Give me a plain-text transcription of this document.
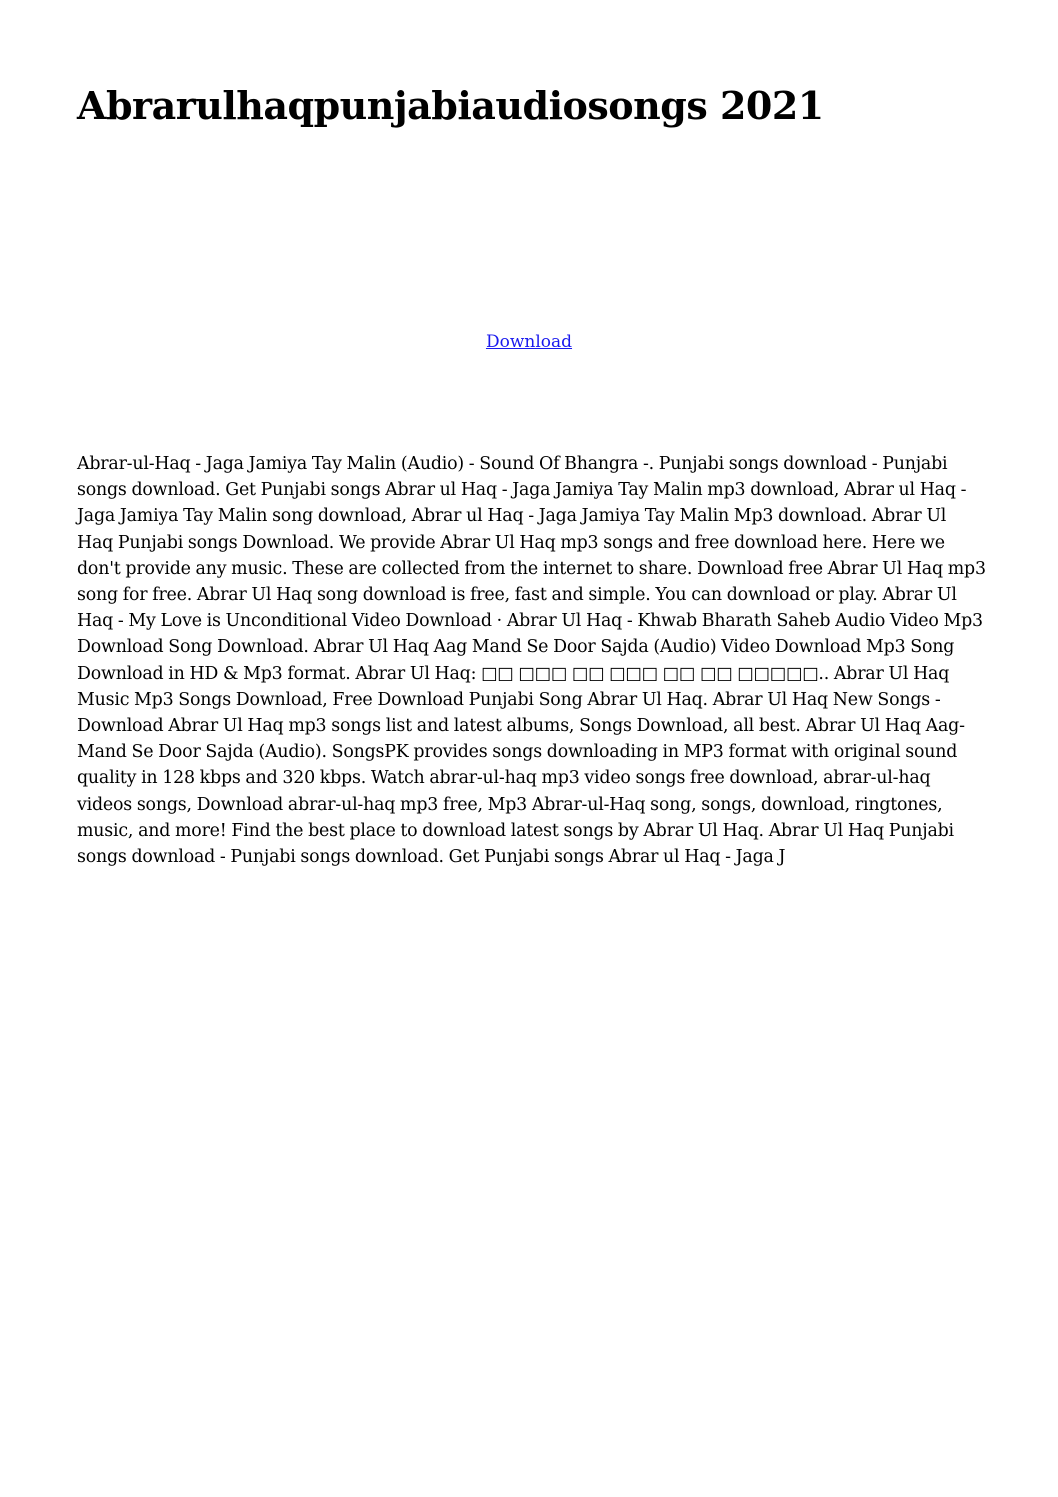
Abrarulhaqpunjabiaudiosongs 2021
Download

Abrar-ul-Haq - Jaga Jamiya Tay Malin (Audio) - Sound Of Bhangra -. Punjabi songs download - Punjabi songs download. Get Punjabi songs Abrar ul Haq - Jaga Jamiya Tay Malin mp3 download, Abrar ul Haq - Jaga Jamiya Tay Malin song download, Abrar ul Haq - Jaga Jamiya Tay Malin Mp3 download. Abrar Ul Haq Punjabi songs Download. We provide Abrar Ul Haq mp3 songs and free download here. Here we don't provide any music. These are collected from the internet to share. Download free Abrar Ul Haq mp3 song for free. Abrar Ul Haq song download is free, fast and simple. You can download or play. Abrar Ul Haq - My Love is Unconditional Video Download · Abrar Ul Haq - Khwab Bharath Saheb Audio Video Mp3 Download Song Download. Abrar Ul Haq Aag Mand Se Door Sajda (Audio) Video Download Mp3 Song Download in HD & Mp3 format. Abrar Ul Haq: □□ □□□ □□ □□□ □□ □□ □□□□□.. Abrar Ul Haq Music Mp3 Songs Download, Free Download Punjabi Song Abrar Ul Haq. Abrar Ul Haq New Songs - Download Abrar Ul Haq mp3 songs list and latest albums, Songs Download, all best. Abrar Ul Haq Aag-Mand Se Door Sajda (Audio). SongsPK provides songs downloading in MP3 format with original sound quality in 128 kbps and 320 kbps. Watch abrar-ul-haq mp3 video songs free download, abrar-ul-haq videos songs, Download abrar-ul-haq mp3 free, Mp3 Abrar-ul-Haq song, songs, download, ringtones, music, and more! Find the best place to download latest songs by Abrar Ul Haq. Abrar Ul Haq Punjabi songs download - Punjabi songs download. Get Punjabi songs Abrar ul Haq - Jaga J
